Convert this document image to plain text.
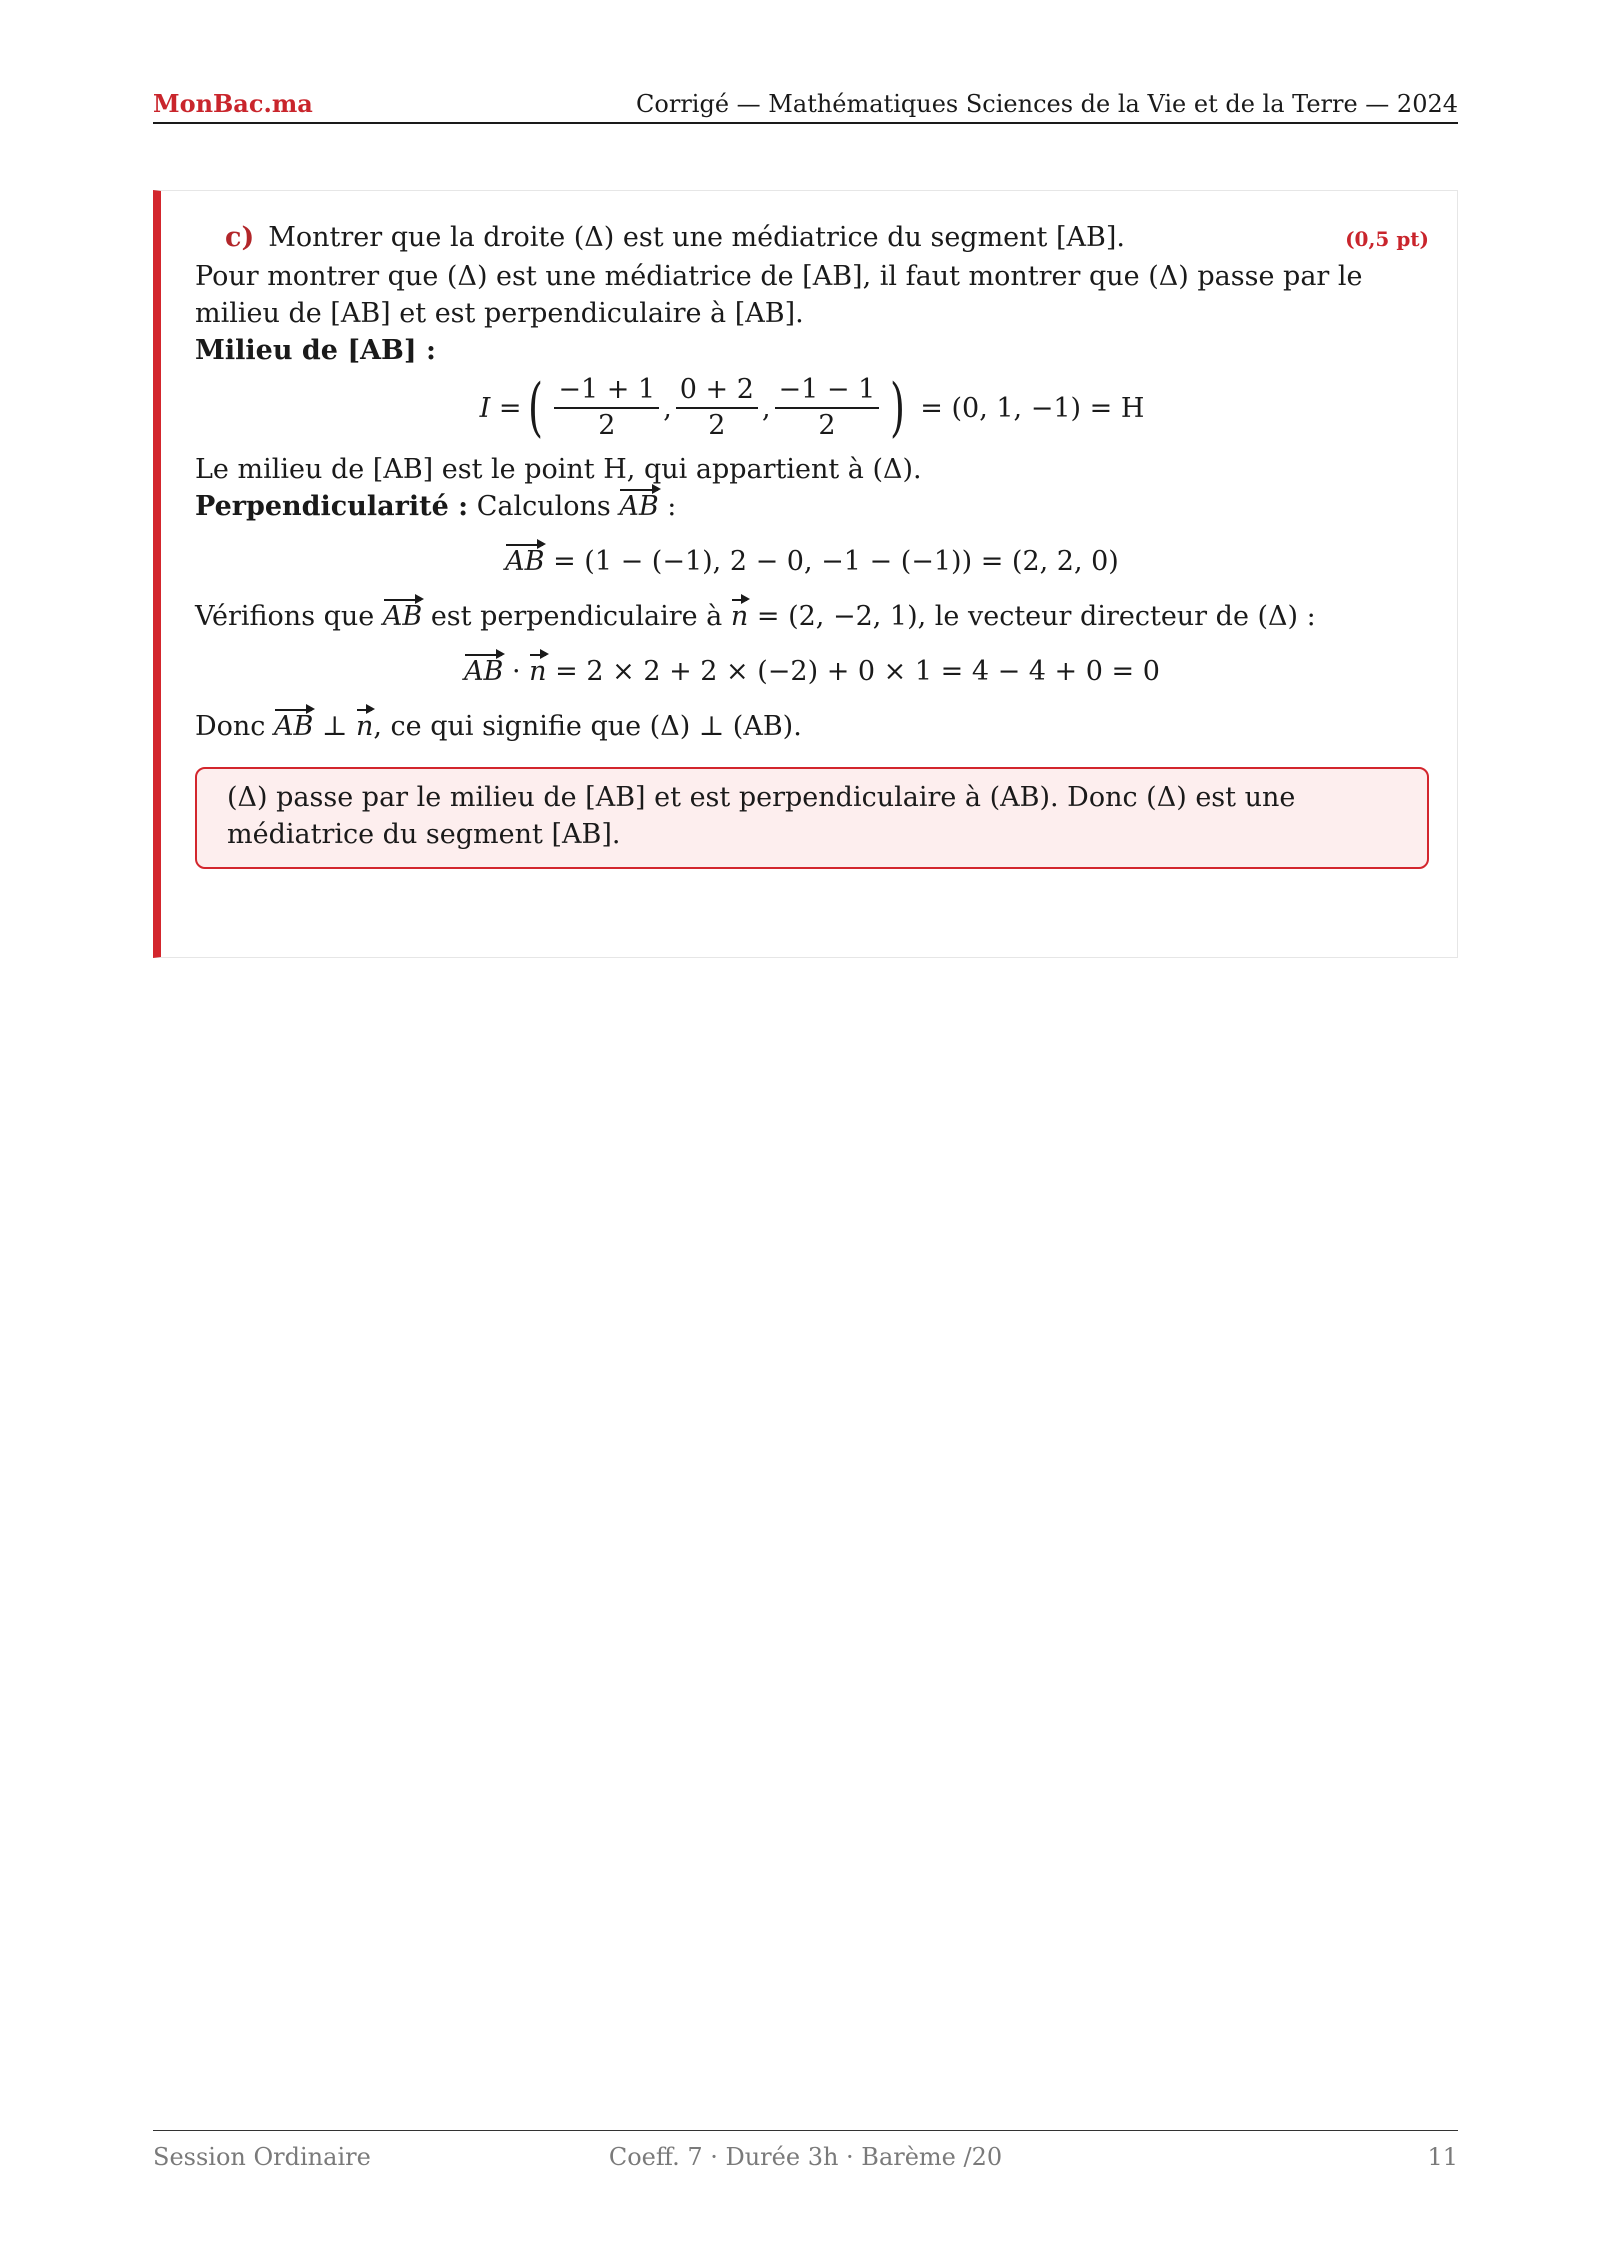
MonBac.ma	Corrigé — Mathématiques Sciences de la Vie et de la Terre — 2024
c) Montrer que la droite (Δ) est une médiatrice du segment [AB].	(0,5 pt)

Pour montrer que (Δ) est une médiatrice de [AB], il faut montrer que (Δ) passe par le milieu de [AB] et est perpendiculaire à [AB].

Milieu de [AB] :

I = ( $\frac{-1 + 1}{2}$ , $\frac{0 + 2}{2}$ , $\frac{-1 - 1}{2}$ ) = (0, 1, −1) = H

Le milieu de [AB] est le point H, qui appartient à (Δ).

Perpendicularité : Calculons AB :

AB = (1 − (−1), 2 − 0, −1 − (−1)) = (2, 2, 0)

Vérifions que AB est perpendiculaire à n = (2, −2, 1), le vecteur directeur de (Δ) :

AB · n = 2 × 2 + 2 × (−2) + 0 × 1 = 4 − 4 + 0 = 0

Donc AB ⊥ n, ce qui signifie que (Δ) ⊥ (AB).

(Δ) passe par le milieu de [AB] et est perpendiculaire à (AB). Donc (Δ) est une médiatrice du segment [AB].
Session Ordinaire	Coeff. 7 · Durée 3h · Barème /20	11
